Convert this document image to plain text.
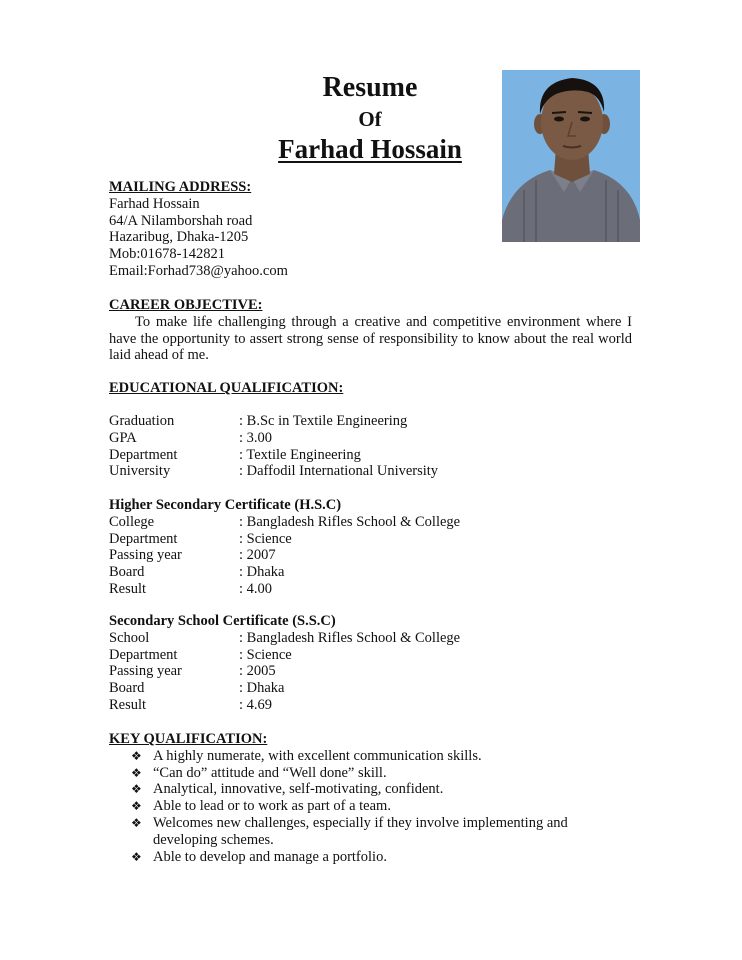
Resume
Of
Farhad Hossain
MAILING ADDRESS:
Farhad Hossain
64/A Nilamborshah road
Hazaribug, Dhaka-1205
Mob:01678-142821
Email:Forhad738@yahoo.com
CAREER OBJECTIVE:
To make life challenging through a creative and competitive environment where I have the opportunity to assert strong sense of responsibility to know about the real world laid ahead of me.
EDUCATIONAL QUALIFICATION:
Graduation	: B.Sc in Textile Engineering
GPA	: 3.00
Department	: Textile Engineering
University	: Daffodil International University
Higher Secondary Certificate (H.S.C)
College	: Bangladesh Rifles School & College
Department	: Science
Passing year	: 2007
Board	: Dhaka
Result	: 4.00
Secondary School Certificate (S.S.C)
School	: Bangladesh Rifles School & College
Department	: Science
Passing year	: 2005
Board	: Dhaka
Result	: 4.69
KEY QUALIFICATION:
❖ A highly numerate, with excellent communication skills.
❖ “Can do” attitude and “Well done” skill.
❖ Analytical, innovative, self-motivating, confident.
❖ Able to lead or to work as part of a team.
❖ Welcomes new challenges, especially if they involve implementing and developing schemes.
❖ Able to develop and manage a portfolio.
